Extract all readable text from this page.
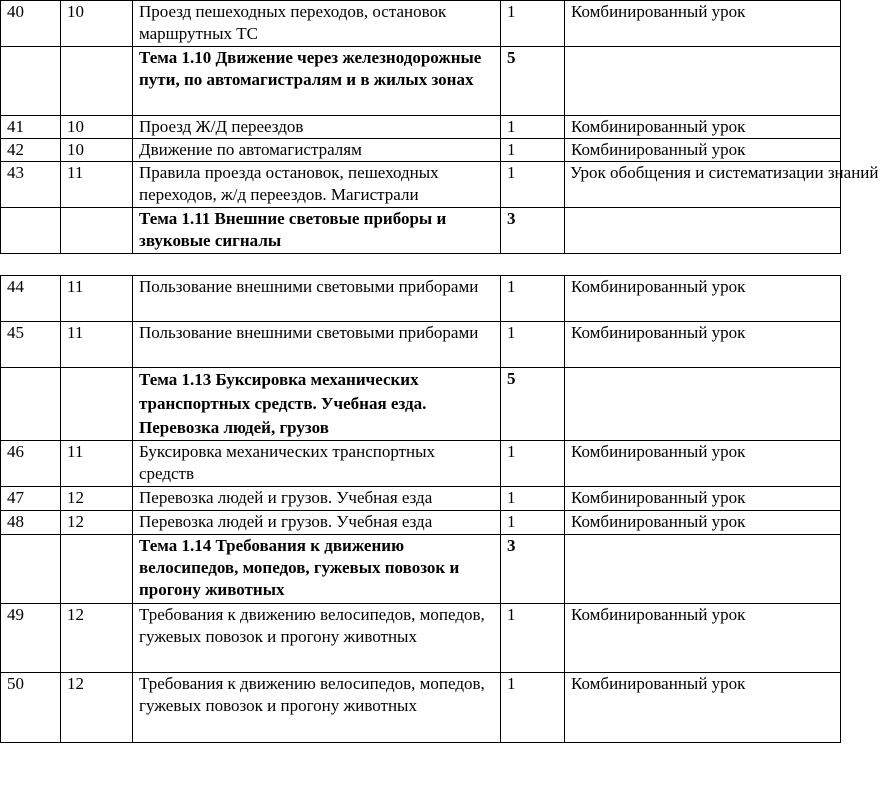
40	10	Проезд пешеходных переходов, остановок маршрутных ТС	1	Комбинированный урок
		Тема 1.10 Движение через железнодорожные пути, по автомагистралям и в жилых зонах	5	
41	10	Проезд Ж/Д переездов	1	Комбинированный урок
42	10	Движение по автомагистралям	1	Комбинированный урок
43	11	Правила проезда остановок, пешеходных переходов, ж/д переездов. Магистрали	1	Урок обобщения и систематизации знаний

		Тема 1.11 Внешние световые приборы и звуковые сигналы	3	

44	11	Пользование внешними световыми приборами	1	Комбинированный урок
45	11	Пользование внешними световыми приборами	1	Комбинированный урок
		Тема 1.13 Буксировка механических транспортных средств. Учебная езда. Перевозка людей, грузов	5	
46	11	Буксировка механических транспортных средств	1	Комбинированный урок
47	12	Перевозка людей и грузов. Учебная езда	1	Комбинированный урок
48	12	Перевозка людей и грузов. Учебная езда	1	Комбинированный урок
		Тема 1.14 Требования к движению велосипедов, мопедов, гужевых повозок и прогону животных	3	
49	12	Требования к движению велосипедов, мопедов, гужевых повозок и прогону животных	1	Комбинированный урок
50	12	Требования к движению велосипедов, мопедов, гужевых повозок и прогону животных	1	Комбинированный урок
